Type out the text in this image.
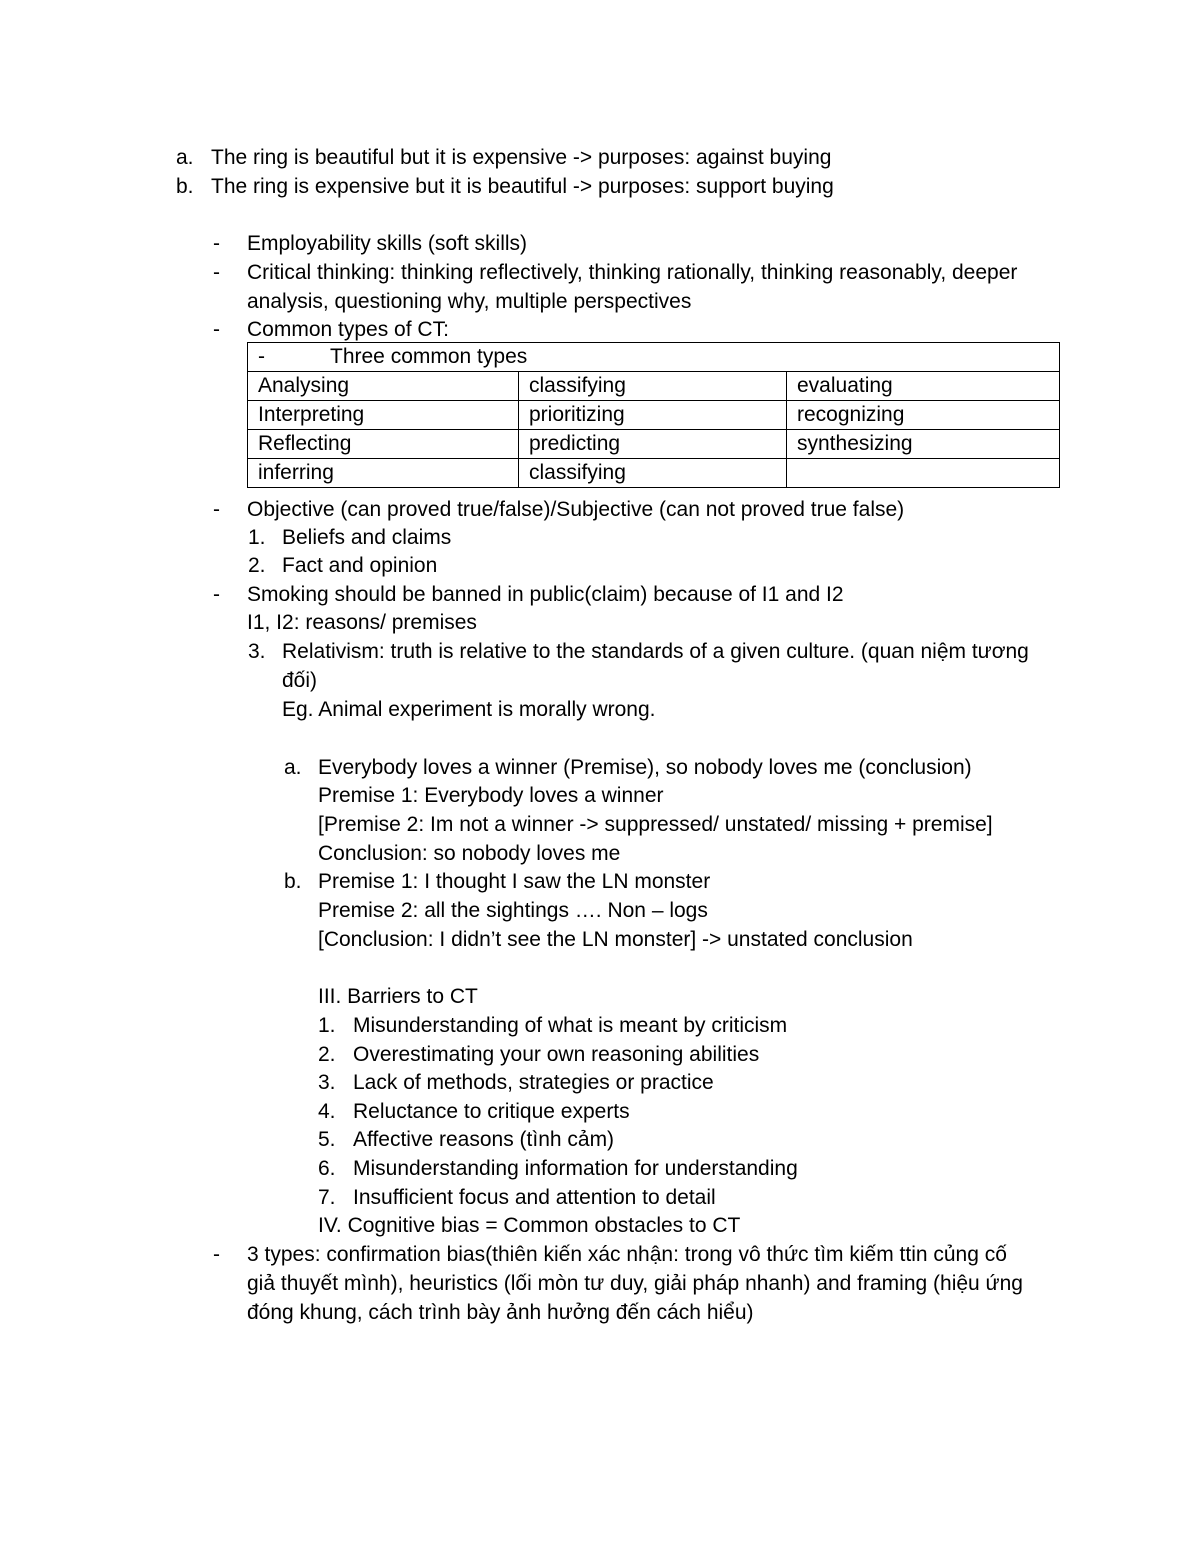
a. The ring is beautiful but it is expensive -> purposes: against buying
b. The ring is expensive but it is beautiful -> purposes: support buying
- Employability skills (soft skills)
- Critical thinking: thinking reflectively, thinking rationally, thinking reasonably, deeper
analysis, questioning why, multiple perspectives
- Common types of CT:
- Three common types		
Analysing	classifying	evaluating
Interpreting	prioritizing	recognizing
Reflecting	predicting	synthesizing
inferring	classifying	
- Objective (can proved true/false)/Subjective (can not proved true false)
1. Beliefs and claims
2. Fact and opinion
- Smoking should be banned in public(claim) because of I1 and I2
I1, I2: reasons/ premises
3. Relativism: truth is relative to the standards of a given culture. (quan niệm tương
đối)
Eg. Animal experiment is morally wrong.
a. Everybody loves a winner (Premise), so nobody loves me (conclusion)
Premise 1: Everybody loves a winner
[Premise 2: Im not a winner -> suppressed/ unstated/ missing + premise]
Conclusion: so nobody loves me
b. Premise 1: I thought I saw the LN monster
Premise 2: all the sightings …. Non – logs
[Conclusion: I didn’t see the LN monster] -> unstated conclusion
III. Barriers to CT
1. Misunderstanding of what is meant by criticism
2. Overestimating your own reasoning abilities
3. Lack of methods, strategies or practice
4. Reluctance to critique experts
5. Affective reasons (tình cảm)
6. Misunderstanding information for understanding
7. Insufficient focus and attention to detail
IV. Cognitive bias = Common obstacles to CT
- 3 types: confirmation bias(thiên kiến xác nhận: trong vô thức tìm kiếm ttin củng cố
giả thuyết mình), heuristics (lối mòn tư duy, giải pháp nhanh) and framing (hiệu ứng
đóng khung, cách trình bày ảnh hưởng đến cách hiểu)
